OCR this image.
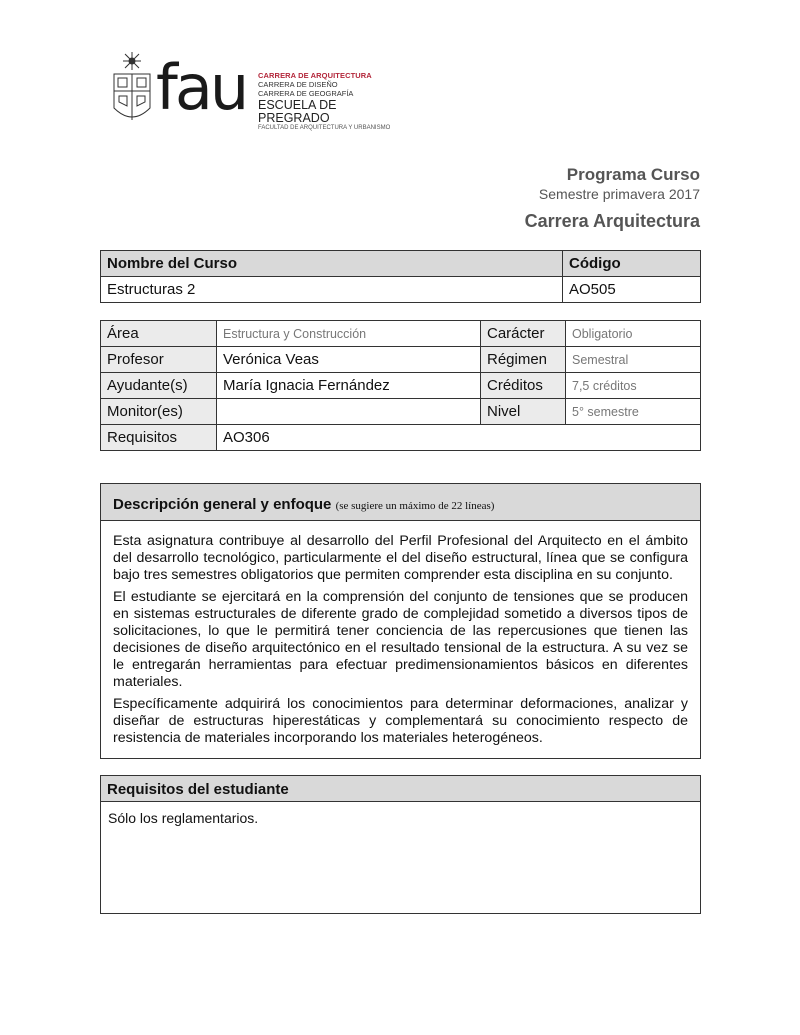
fau CARRERA DE ARQUITECTURA
CARRERA DE DISEÑO
CARRERA DE GEOGRAFÍA
ESCUELA DE PREGRADO
FACULTAD DE ARQUITECTURA Y URBANISMO
Programa Curso
Semestre primavera 2017
Carrera Arquitectura
Nombre del Curso	Código
Estructuras 2	AO505
Área	Estructura y Construcción	Carácter	Obligatorio
Profesor	Verónica Veas	Régimen	Semestral
Ayudante(s)	María Ignacia Fernández	Créditos	7,5 créditos
Monitor(es)		Nivel	5° semestre
Requisitos	AO306		
Descripción general y enfoque (se sugiere un máximo de 22 líneas)

Esta asignatura contribuye al desarrollo del Perfil Profesional del Arquitecto en el ámbito del desarrollo tecnológico, particularmente el del diseño estructural, línea que se configura bajo tres semestres obligatorios que permiten comprender esta disciplina en su conjunto.

El estudiante se ejercitará en la comprensión del conjunto de tensiones que se producen en sistemas estructurales de diferente grado de complejidad sometido a diversos tipos de solicitaciones, lo que le permitirá tener conciencia de las repercusiones que tienen las decisiones de diseño arquitectónico en el resultado tensional de la estructura. A su vez se le entregarán herramientas para efectuar predimensionamientos básicos en diferentes materiales.

Específicamente adquirirá los conocimientos para determinar deformaciones, analizar y diseñar de estructuras hiperestáticas y complementará su conocimiento respecto de resistencia de materiales incorporando los materiales heterogéneos.

Requisitos del estudiante
Sólo los reglamentarios.
